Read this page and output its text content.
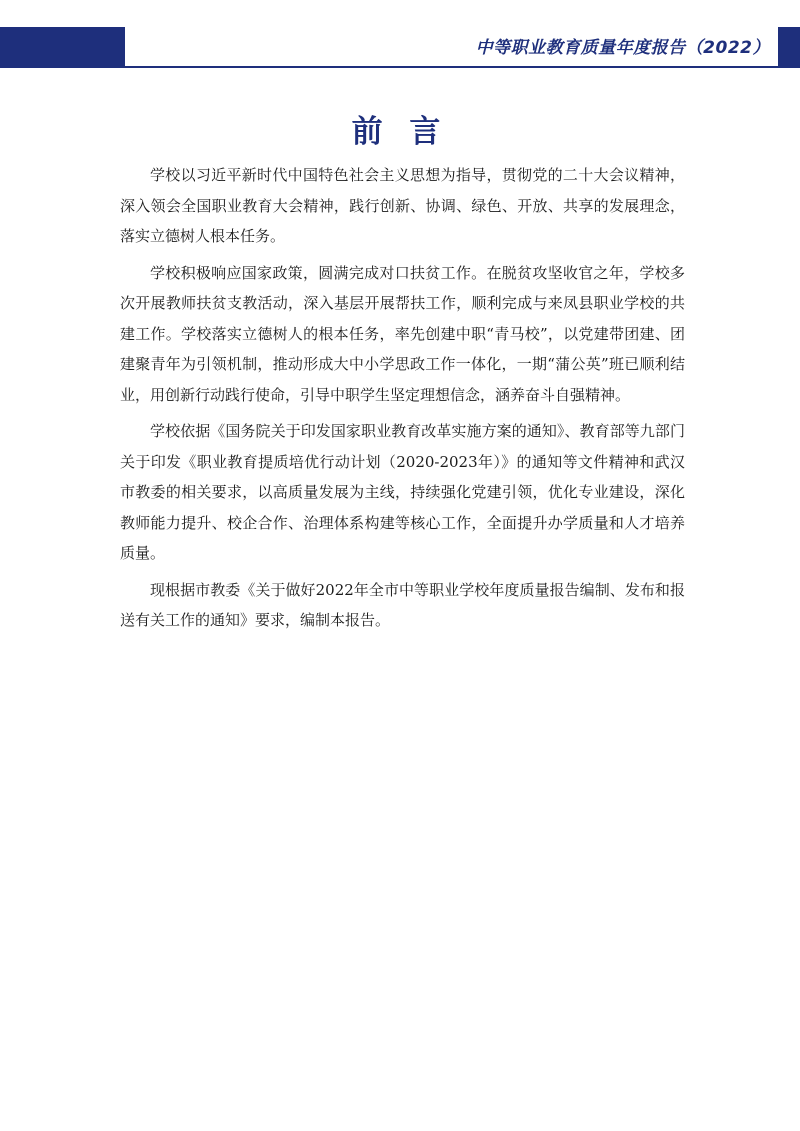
中等职业教育质量年度报告（2022）
前 言

学校以习近平新时代中国特色社会主义思想为指导，贯彻党的二十大会议精神，深入领会全国职业教育大会精神，践行创新、协调、绿色、开放、共享的发展理念，落实立德树人根本任务。

学校积极响应国家政策，圆满完成对口扶贫工作。在脱贫攻坚收官之年，学校多次开展教师扶贫支教活动，深入基层开展帮扶工作，顺利完成与来凤县职业学校的共建工作。学校落实立德树人的根本任务，率先创建中职“青马校”，以党建带团建、团建聚青年为引领机制，推动形成大中小学思政工作一体化，一期“蒲公英”班已顺利结业，用创新行动践行使命，引导中职学生坚定理想信念，涵养奋斗自强精神。

学校依据《国务院关于印发国家职业教育改革实施方案的通知》、教育部等九部门关于印发《职业教育提质培优行动计划（2020-2023年）》的通知等文件精神和武汉市教委的相关要求，以高质量发展为主线，持续强化党建引领，优化专业建设，深化教师能力提升、校企合作、治理体系构建等核心工作，全面提升办学质量和人才培养质量。

现根据市教委《关于做好2022年全市中等职业学校年度质量报告编制、发布和报送有关工作的通知》要求，编制本报告。
